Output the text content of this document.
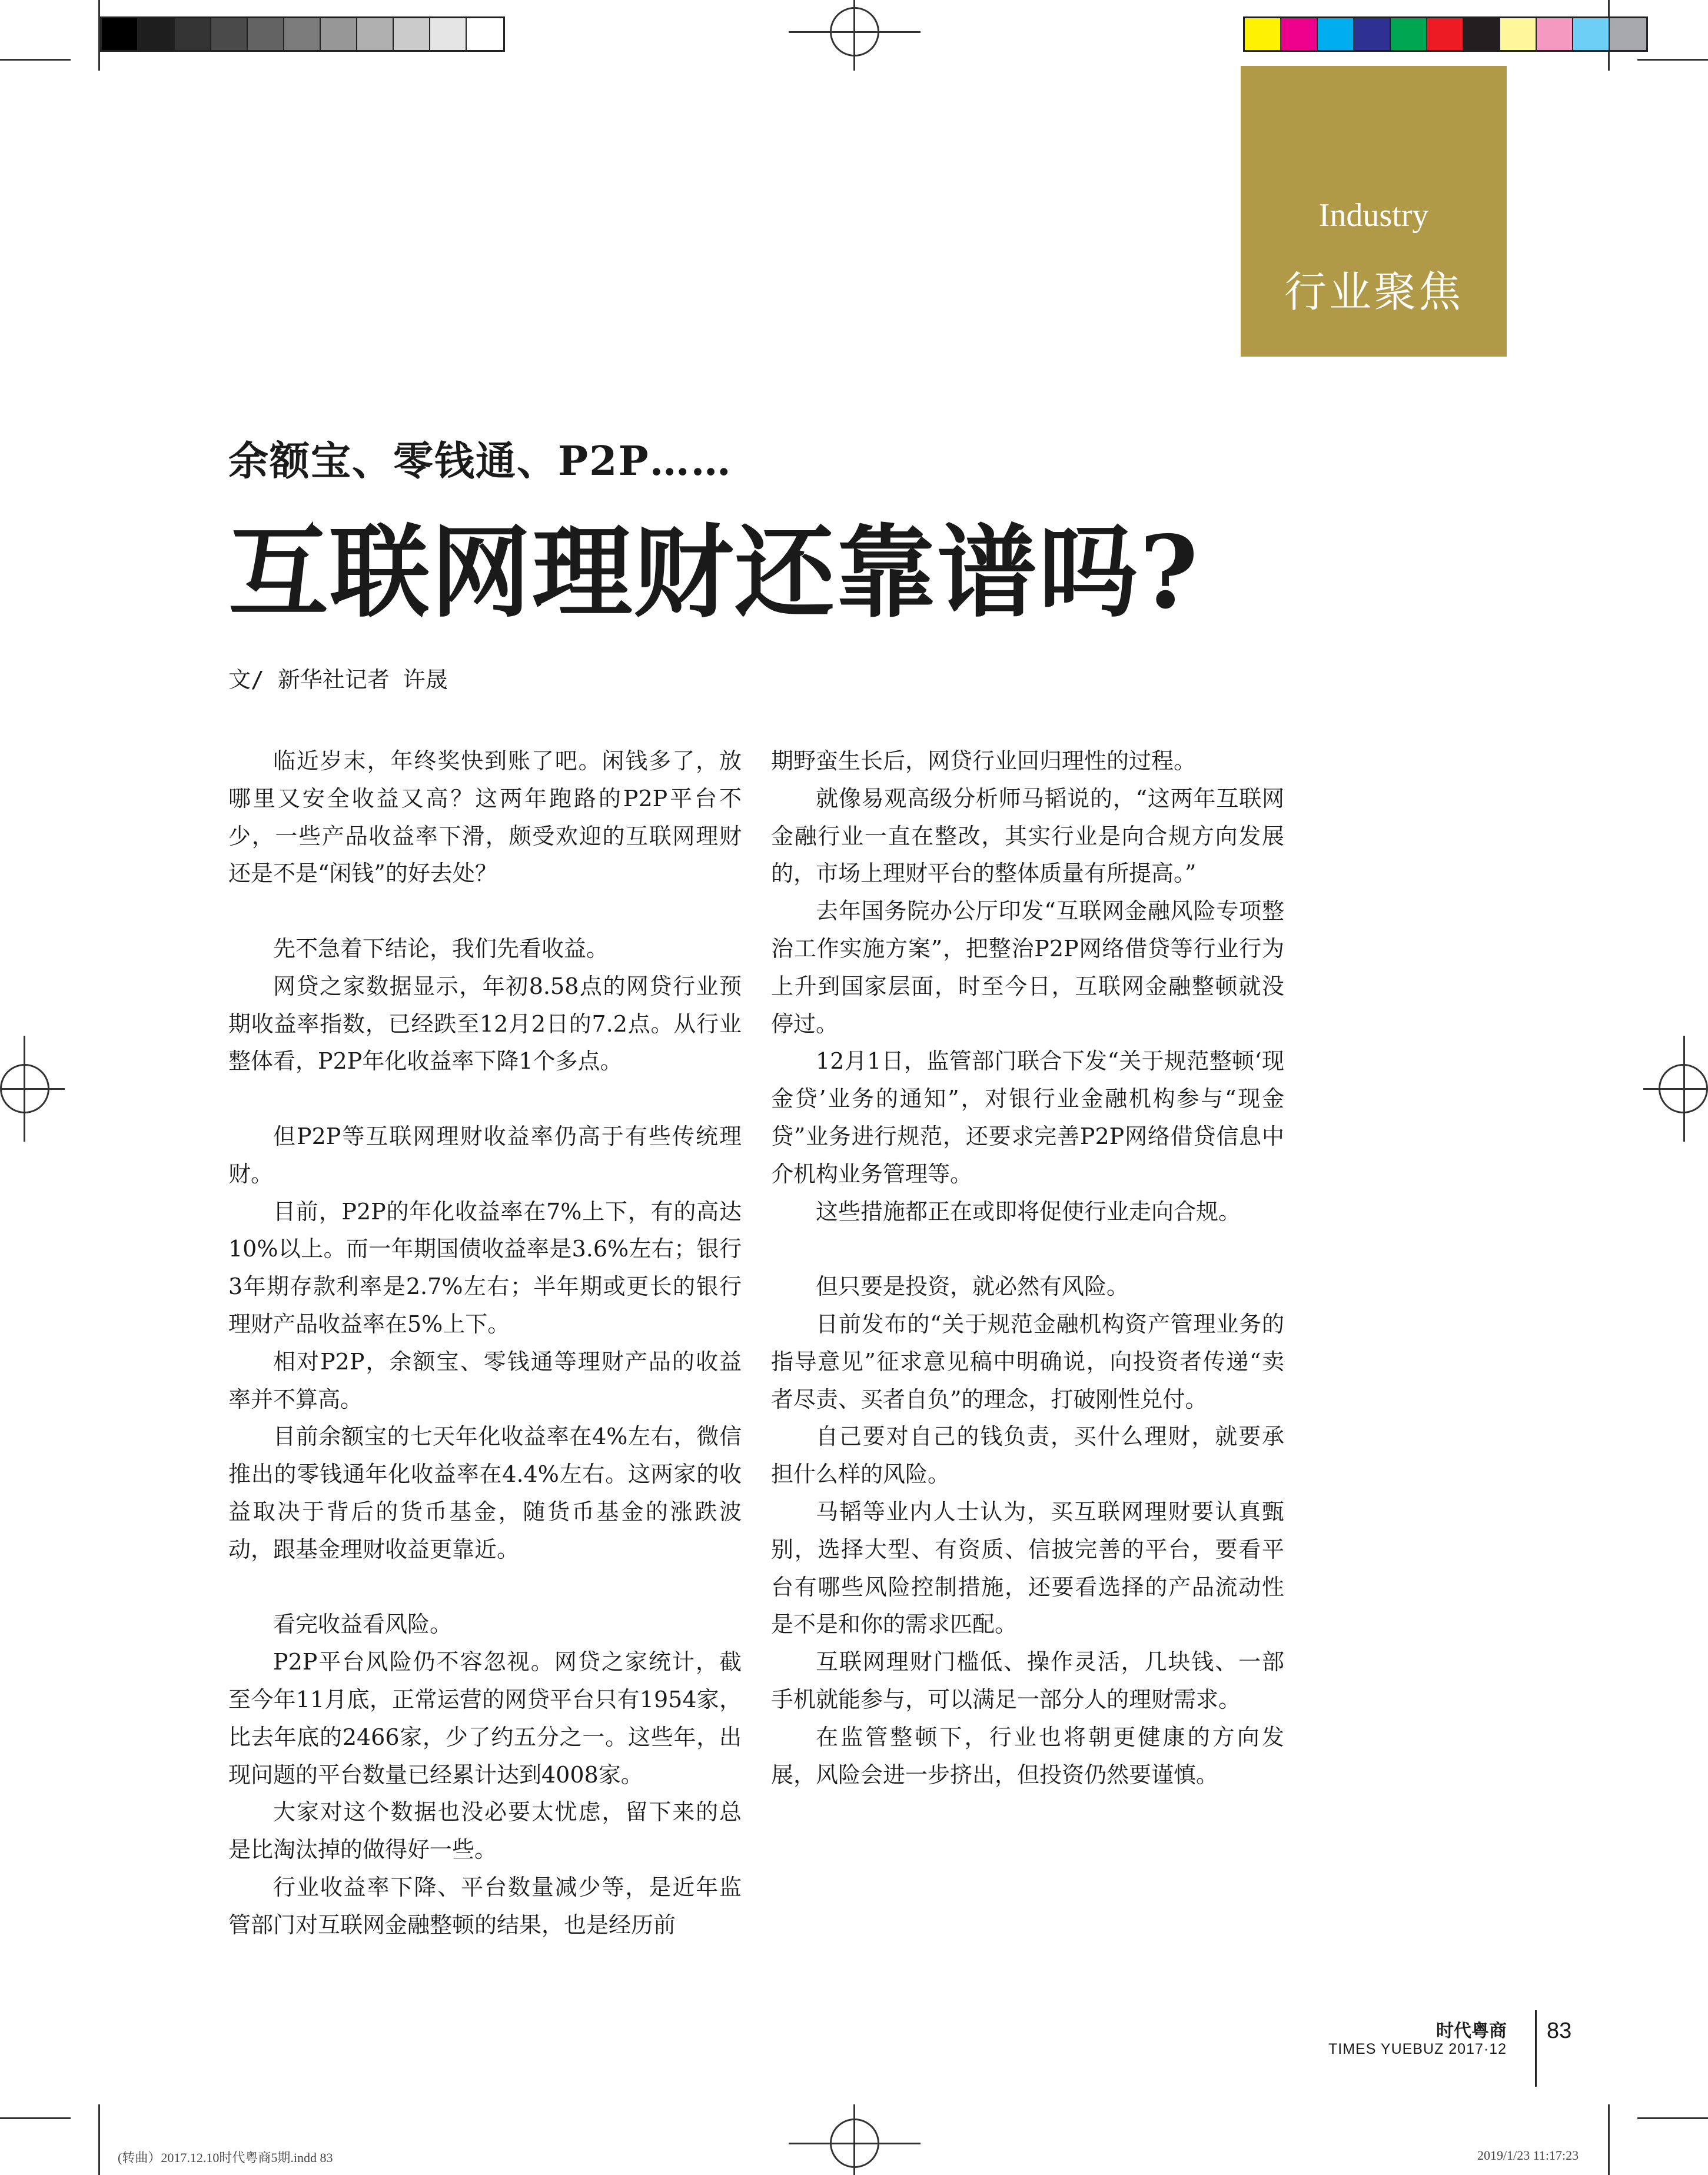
Industry
行业聚焦
余额宝、零钱通、P2P……
互联网理财还靠谱吗?
文/ 新华社记者 许晟

临近岁末，年终奖快到账了吧。闲钱多了，放哪里又安全收益又高？这两年跑路的P2P平台不少，一些产品收益率下滑，颇受欢迎的互联网理财还是不是“闲钱”的好去处？

先不急着下结论，我们先看收益。

网贷之家数据显示，年初8.58点的网贷行业预期收益率指数，已经跌至12月2日的7.2点。从行业整体看，P2P年化收益率下降1个多点。

但P2P等互联网理财收益率仍高于有些传统理财。

目前，P2P的年化收益率在7%上下，有的高达10%以上。而一年期国债收益率是3.6%左右；银行3年期存款利率是2.7%左右；半年期或更长的银行理财产品收益率在5%上下。

相对P2P，余额宝、零钱通等理财产品的收益率并不算高。

目前余额宝的七天年化收益率在4%左右，微信推出的零钱通年化收益率在4.4%左右。这两家的收益取决于背后的货币基金，随货币基金的涨跌波动，跟基金理财收益更靠近。

看完收益看风险。

P2P平台风险仍不容忽视。网贷之家统计，截至今年11月底，正常运营的网贷平台只有1954家，比去年底的2466家，少了约五分之一。这些年，出现问题的平台数量已经累计达到4008家。

大家对这个数据也没必要太忧虑，留下来的总是比淘汰掉的做得好一些。

行业收益率下降、平台数量减少等，是近年监管部门对互联网金融整顿的结果，也是经历前

期野蛮生长后，网贷行业回归理性的过程。

就像易观高级分析师马韬说的，“这两年互联网金融行业一直在整改，其实行业是向合规方向发展的，市场上理财平台的整体质量有所提高。”

去年国务院办公厅印发“互联网金融风险专项整治工作实施方案”，把整治P2P网络借贷等行业行为上升到国家层面，时至今日，互联网金融整顿就没停过。

12月1日，监管部门联合下发“关于规范整顿‘现金贷’业务的通知”，对银行业金融机构参与“现金贷”业务进行规范，还要求完善P2P网络借贷信息中介机构业务管理等。

这些措施都正在或即将促使行业走向合规。

但只要是投资，就必然有风险。

日前发布的“关于规范金融机构资产管理业务的指导意见”征求意见稿中明确说，向投资者传递“卖者尽责、买者自负”的理念，打破刚性兑付。

自己要对自己的钱负责，买什么理财，就要承担什么样的风险。

马韬等业内人士认为，买互联网理财要认真甄别，选择大型、有资质、信披完善的平台，要看平台有哪些风险控制措施，还要看选择的产品流动性是不是和你的需求匹配。

互联网理财门槛低、操作灵活，几块钱、一部手机就能参与，可以满足一部分人的理财需求。

在监管整顿下，行业也将朝更健康的方向发展，风险会进一步挤出，但投资仍然要谨慎。

时代粤商
TIMES YUEBUZ 2017·12
83
(转曲）2017.12.10时代粤商5期.indd 83	2019/1/23 11:17:23
